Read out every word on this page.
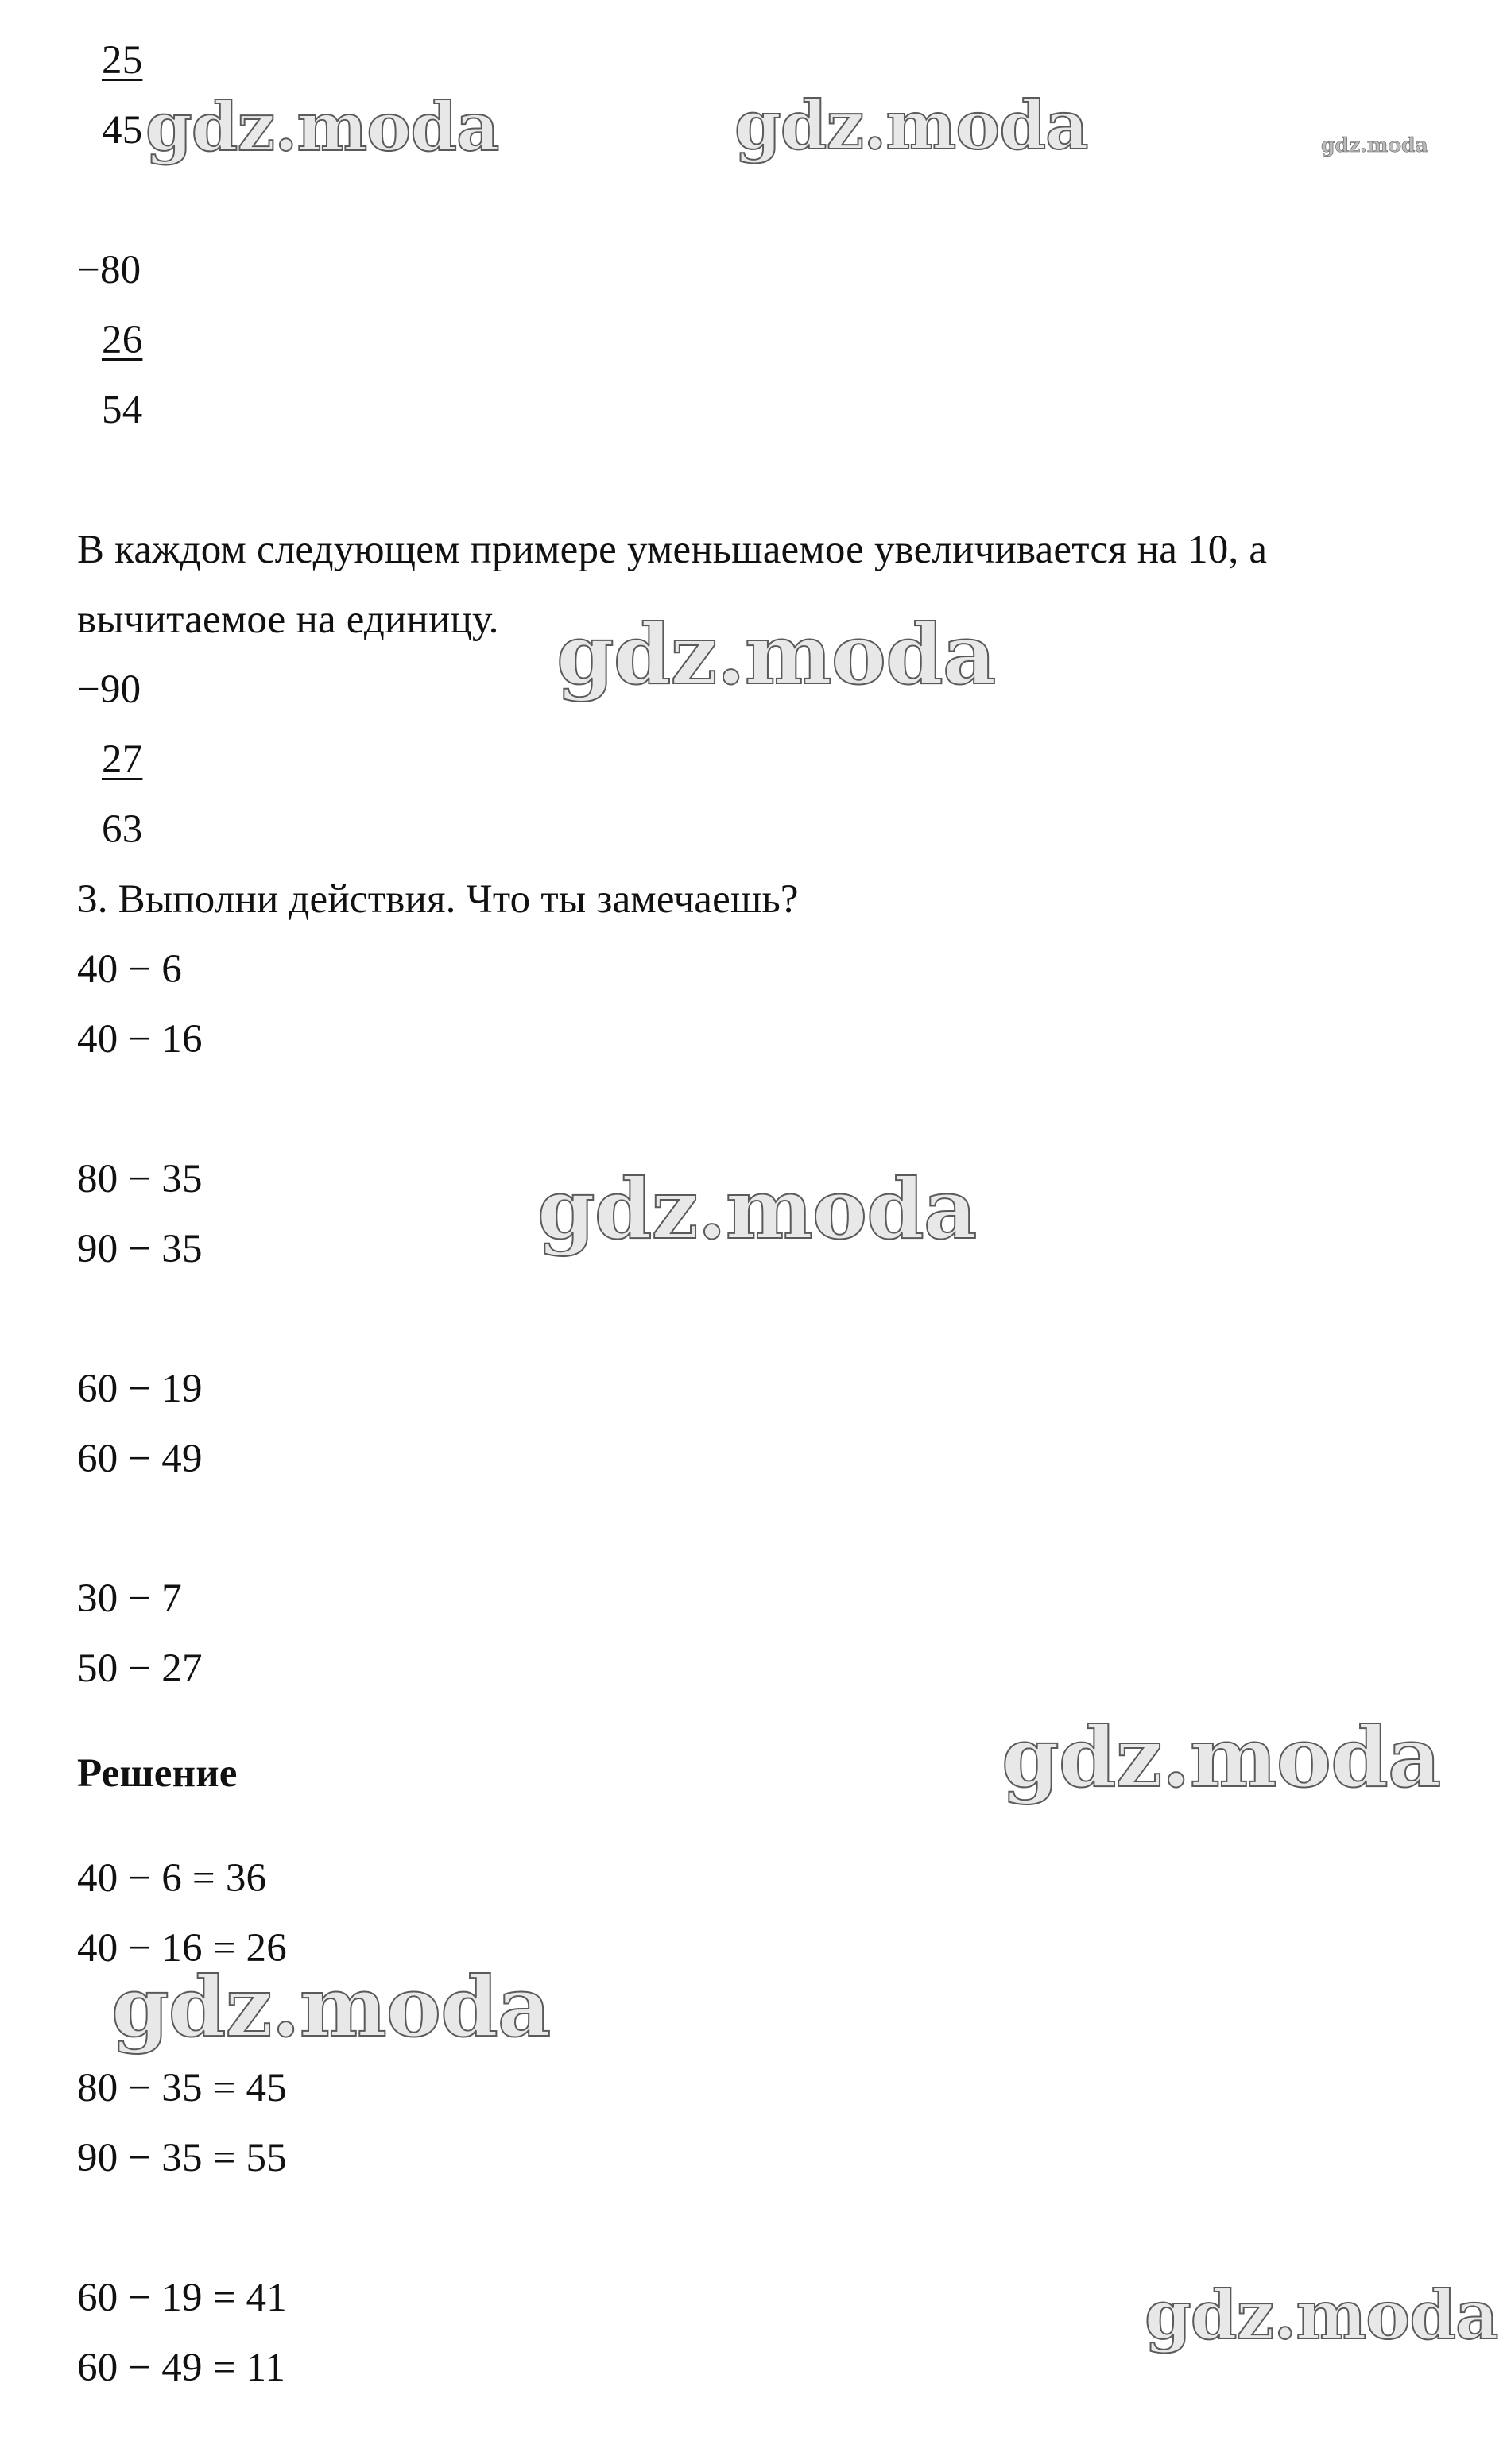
25
45
−80
26
54
В каждом следующем примере уменьшаемое увеличивается на 10, а
вычитаемое на единицу.
−90
27
63
3. Выполни действия. Что ты замечаешь?
40 − 6
40 − 16
80 − 35
90 − 35
60 − 19
60 − 49
30 − 7
50 − 27
Решение
40 − 6 = 36
40 − 16 = 26
80 − 35 = 45
90 − 35 = 55
60 − 19 = 41
60 − 49 = 11
gdz.moda	gdz.moda	gdz.moda
gdz.moda
gdz.moda
gdz.moda
gdz.moda
gdz.moda
